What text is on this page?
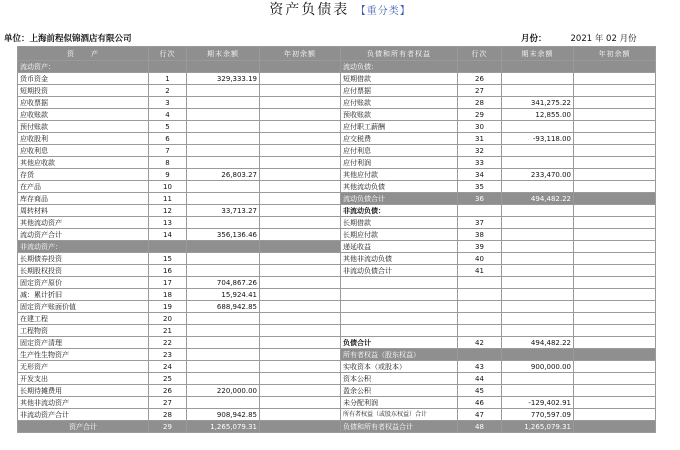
资产负债表 【重分类】
单位：上海前程似锦酒店有限公司	月份：	2021 年 02 月份
资　　产	行次	期末余额	年初余额	负债和所有者权益	行次	期末余额	年初余额
流动资产：				流动负债：			
货币资金	1	329,333.19		短期借款	26		
短期投资	2			应付票据	27		
应收票据	3			应付账款	28	341,275.22	
应收账款	4			预收账款	29	12,855.00	
预付账款	5			应付职工薪酬	30		
应收股利	6			应交税费	31	-93,118.00	
应收利息	7			应付利息	32		
其他应收款	8			应付利润	33		
存货	9	26,803.27		其他应付款	34	233,470.00	
在产品	10			其他流动负债	35		
库存商品	11			流动负债合计	36	494,482.22	
周转材料	12	33,713.27		非流动负债：			
其他流动资产	13			长期借款	37		
流动资产合计	14	356,136.46		长期应付款	38		
非流动资产：				递延收益	39		
长期债券投资	15			其他非流动负债	40		
长期股权投资	16			非流动负债合计	41		
固定资产原价	17	704,867.26					
减：累计折旧	18	15,924.41					
固定资产账面价值	19	688,942.85					
在建工程	20						
工程物资	21						
固定资产清理	22			负债合计	42	494,482.22	
生产性生物资产	23			所有者权益（股东权益）			
无形资产	24			实收资本（或股本）	43	900,000.00	
开发支出	25			资本公积	44		
长期待摊费用	26	220,000.00		盈余公积	45		
其他非流动资产	27			未分配利润	46	-129,402.91	
非流动资产合计	28	908,942.85		所有者权益（或股东权益）合计	47	770,597.09	
资产合计	29	1,265,079.31		负债和所有者权益合计	48	1,265,079.31	
